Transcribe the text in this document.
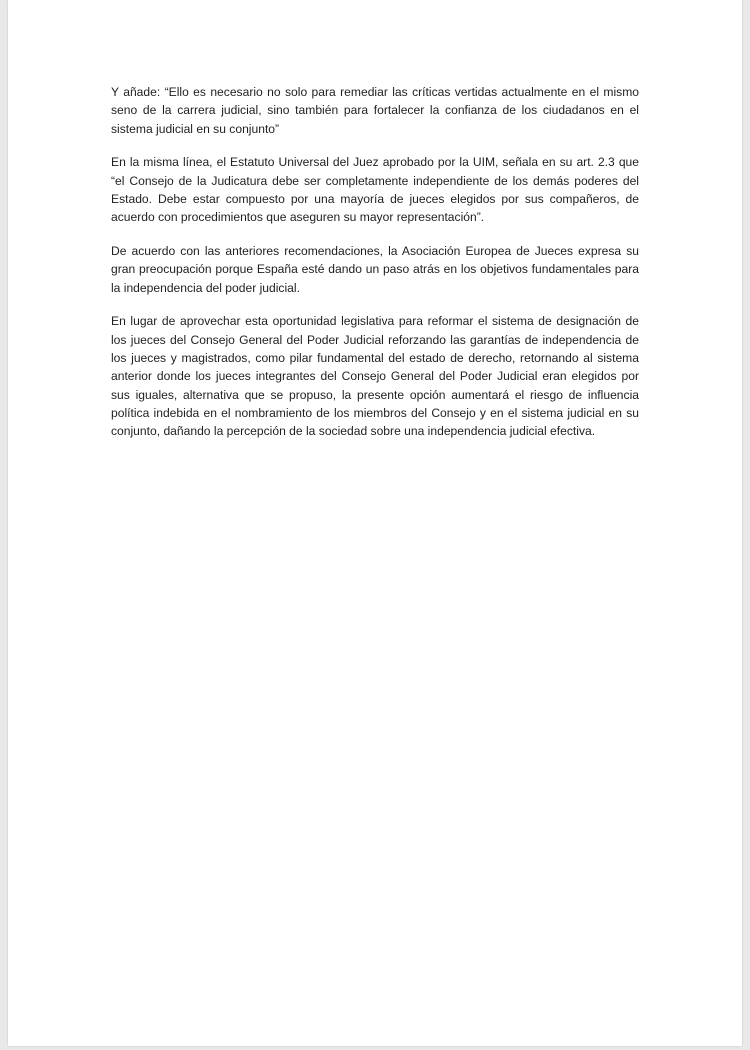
Y añade: “Ello es necesario no solo para remediar las críticas vertidas actualmente en el mismo seno de la carrera judicial, sino también para fortalecer la confianza de los ciudadanos en el sistema judicial en su conjunto”

En la misma línea, el Estatuto Universal del Juez aprobado por la UIM, señala en su art. 2.3 que “el Consejo de la Judicatura debe ser completamente independiente de los demás poderes del Estado. Debe estar compuesto por una mayoría de jueces elegidos por sus compañeros, de acuerdo con procedimientos que aseguren su mayor representación”.

De acuerdo con las anteriores recomendaciones, la Asociación Europea de Jueces expresa su gran preocupación porque España esté dando un paso atrás en los objetivos fundamentales para la independencia del poder judicial.

En lugar de aprovechar esta oportunidad legislativa para reformar el sistema de designación de los jueces del Consejo General del Poder Judicial reforzando las garantías de independencia de los jueces y magistrados, como pilar fundamental del estado de derecho, retornando al sistema anterior donde los jueces integrantes del Consejo General del Poder Judicial eran elegidos por sus iguales, alternativa que se propuso, la presente opción aumentará el riesgo de influencia política indebida en el nombramiento de los miembros del Consejo y en el sistema judicial en su conjunto, dañando la percepción de la sociedad sobre una independencia judicial efectiva.
